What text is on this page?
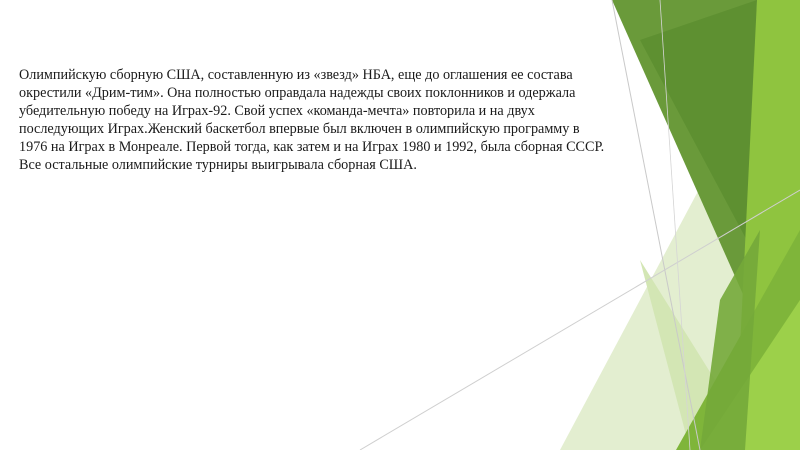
Олимпийскую сборную США, составленную из «звезд» НБА, еще до оглашения ее состава окрестили «Дрим-тим». Она полностью оправдала надежды своих поклонников и одержала убедительную победу на Играх-92. Свой успех «команда-мечта» повторила и на двух последующих Играх.Женский баскетбол впервые был включен в олимпийскую программу в 1976 на Играх в Монреале. Первой тогда, как затем и на Играх 1980 и 1992, была сборная СССР. Все остальные олимпийские турниры выигрывала сборная США.
